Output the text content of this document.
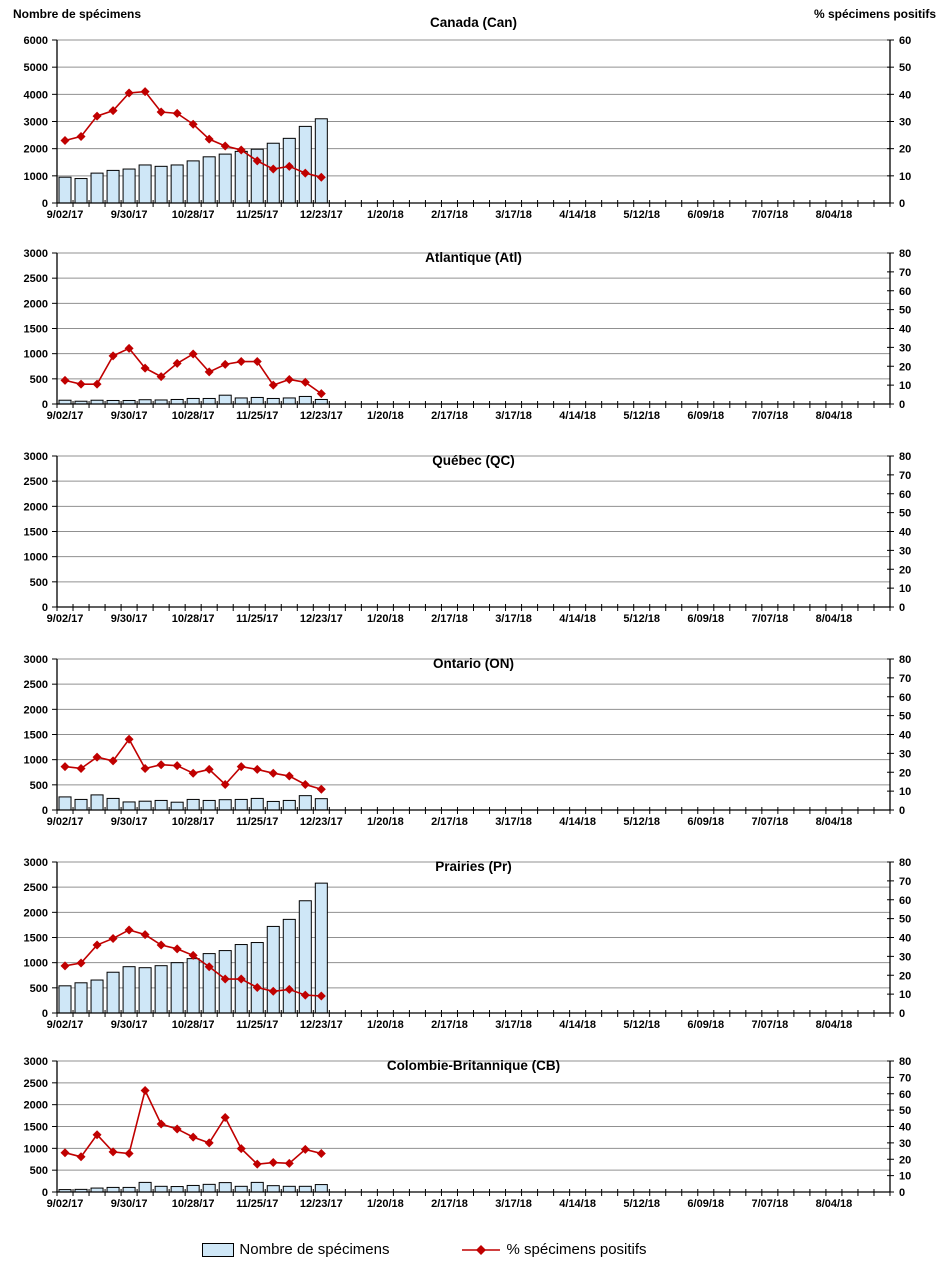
0
1000
2000
3000
4000
5000
6000
0
10
20
30
40
50
60
9/02/17 9/30/17 10/28/17 11/25/17 12/23/17 1/20/18 2/17/18 3/17/18 4/14/18 5/12/18 6/09/18 7/07/18 8/04/18
Canada (Can)
Nombre de spécimens	% spécimens positifs
0
500
1000
1500
2000
2500
3000
0
10
20
30
40
50
60
70
80
9/02/17 9/30/17 10/28/17 11/25/17 12/23/17 1/20/18 2/17/18 3/17/18 4/14/18 5/12/18 6/09/18 7/07/18 8/04/18
Atlantique (Atl)
0
500
1000
1500
2000
2500
3000
0
10
20
30
40
50
60
70
80
9/02/17 9/30/17 10/28/17 11/25/17 12/23/17 1/20/18 2/17/18 3/17/18 4/14/18 5/12/18 6/09/18 7/07/18 8/04/18
Québec (QC)
0
500
1000
1500
2000
2500
3000
0
10
20
30
40
50
60
70
80
9/02/17 9/30/17 10/28/17 11/25/17 12/23/17 1/20/18 2/17/18 3/17/18 4/14/18 5/12/18 6/09/18 7/07/18 8/04/18
Ontario (ON)
0
500
1000
1500
2000
2500
3000
0
10
20
30
40
50
60
70
80
9/02/17 9/30/17 10/28/17 11/25/17 12/23/17 1/20/18 2/17/18 3/17/18 4/14/18 5/12/18 6/09/18 7/07/18 8/04/18
Prairies (Pr)
0
500
1000
1500
2000
2500
3000
0
10
20
30
40
50
60
70
80
9/02/17 9/30/17 10/28/17 11/25/17 12/23/17 1/20/18 2/17/18 3/17/18 4/14/18 5/12/18 6/09/18 7/07/18 8/04/18
Colombie-Britannique (CB)
Nombre de spécimens	% spécimens positifs
